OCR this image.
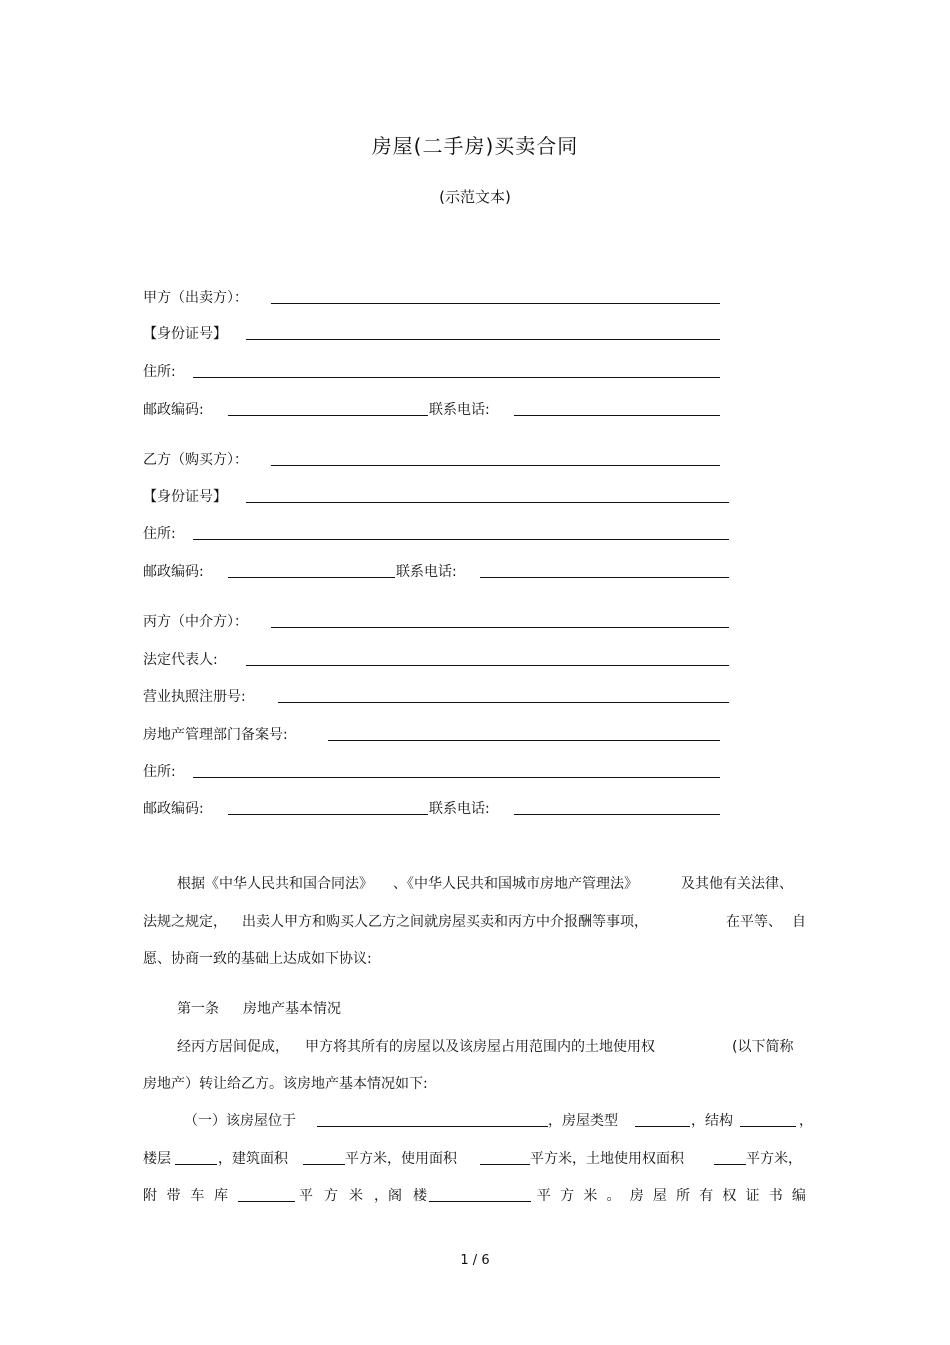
房屋(二手房)买卖合同
(示范文本)
甲方（出卖方）：
【身份证号】
住所:
邮政编码:	联系电话:
乙方（购买方）：
【身份证号】
住所:
邮政编码:	联系电话:
丙方（中介方）：
法定代表人:
营业执照注册号:
房地产管理部门备案号:
住所:
邮政编码:	联系电话:
根据《中华人民共和国合同法》 、《中华人民共和国城市房地产管理法》	及其他有关法律、
法规之规定， 出卖人甲方和购买人乙方之间就房屋买卖和丙方中介报酬等事项，	在平等、 自
愿、协商一致的基础上达成如下协议:
第一条 房地产基本情况
经丙方居间促成， 甲方将其所有的房屋以及该房屋占用范围内的土地使用权	(以下简称
房地产）转让给乙方。该房地产基本情况如下:
（一） 该房屋位于	，房屋类型	，结构	，
楼层	，建筑面积	平方米，使用面积	平方米，土地使用权面积	平方米，
附 带 车 库	平 方 米 ，阁 楼	平 方 米 。 房 屋 所 有 权 证 书 编
1 / 6
